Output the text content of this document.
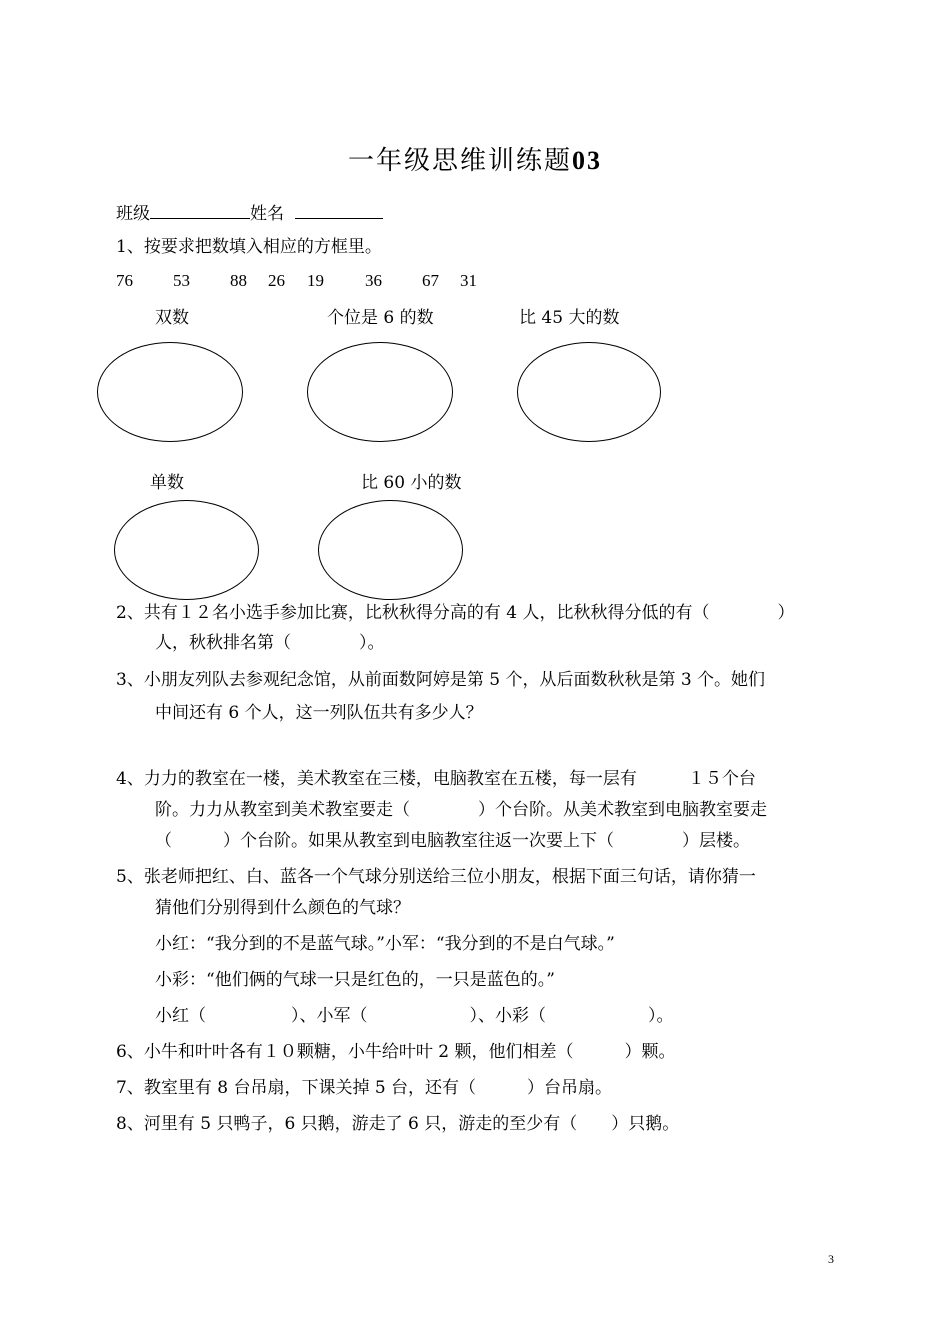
一年级思维训练题03
班级	姓名
1、按要求把数填入相应的方框里。
76 53 88 26 19 36 67 31
双数	个位是 6 的数	比 45 大的数
单数	比 60 小的数
2、共有１２名小选手参加比赛，比秋秋得分高的有 4 人，比秋秋得分低的有（　　　　）
人，秋秋排名第（　　　　）。
3、小朋友列队去参观纪念馆，从前面数阿婷是第 5 个，从后面数秋秋是第 3 个。她们
中间还有 6 个人，这一列队伍共有多少人？
4、力力的教室在一楼，美术教室在三楼，电脑教室在五楼，每一层有　　　１５个台
阶。力力从教室到美术教室要走（　　　　）个台阶。从美术教室到电脑教室要走
（　　　）个台阶。如果从教室到电脑教室往返一次要上下（　　　　）层楼。
5、张老师把红、白、蓝各一个气球分别送给三位小朋友，根据下面三句话，请你猜一
猜他们分别得到什么颜色的气球？
小红：“我分到的不是蓝气球。”小军：“我分到的不是白气球。”
小彩：“他们俩的气球一只是红色的，一只是蓝色的。”
小红（　　　　　）、小军（　　　　　　）、小彩（　　　　　　）。
6、小牛和叶叶各有１０颗糖，小牛给叶叶 2 颗，他们相差（　　　）颗。
7、教室里有 8 台吊扇，下课关掉 5 台，还有（　　　）台吊扇。
8、河里有 5 只鸭子，6 只鹅，游走了 6 只，游走的至少有（　　）只鹅。
3
